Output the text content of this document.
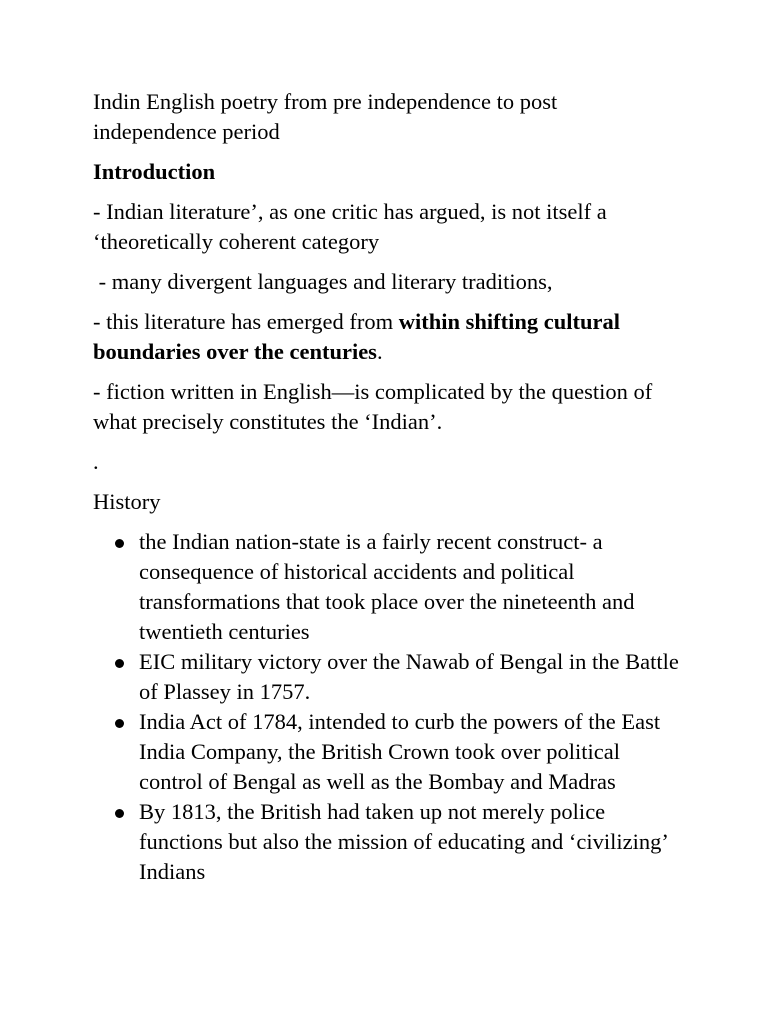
Indin English poetry from pre independence to post independence period

Introduction

- Indian literature’, as one critic has argued, is not itself a ‘theoretically coherent category

- many divergent languages and literary traditions,

- this literature has emerged from within shifting cultural boundaries over the centuries.

- fiction written in English—is complicated by the question of what precisely constitutes the ‘Indian’.

.

History

the Indian nation-state is a fairly recent construct- a consequence of historical accidents and political transformations that took place over the nineteenth and twentieth centuries
EIC military victory over the Nawab of Bengal in the Battle of Plassey in 1757.
India Act of 1784, intended to curb the powers of the East India Company, the British Crown took over political control of Bengal as well as the Bombay and Madras
By 1813, the British had taken up not merely police functions but also the mission of educating and ‘civilizing’ Indians
